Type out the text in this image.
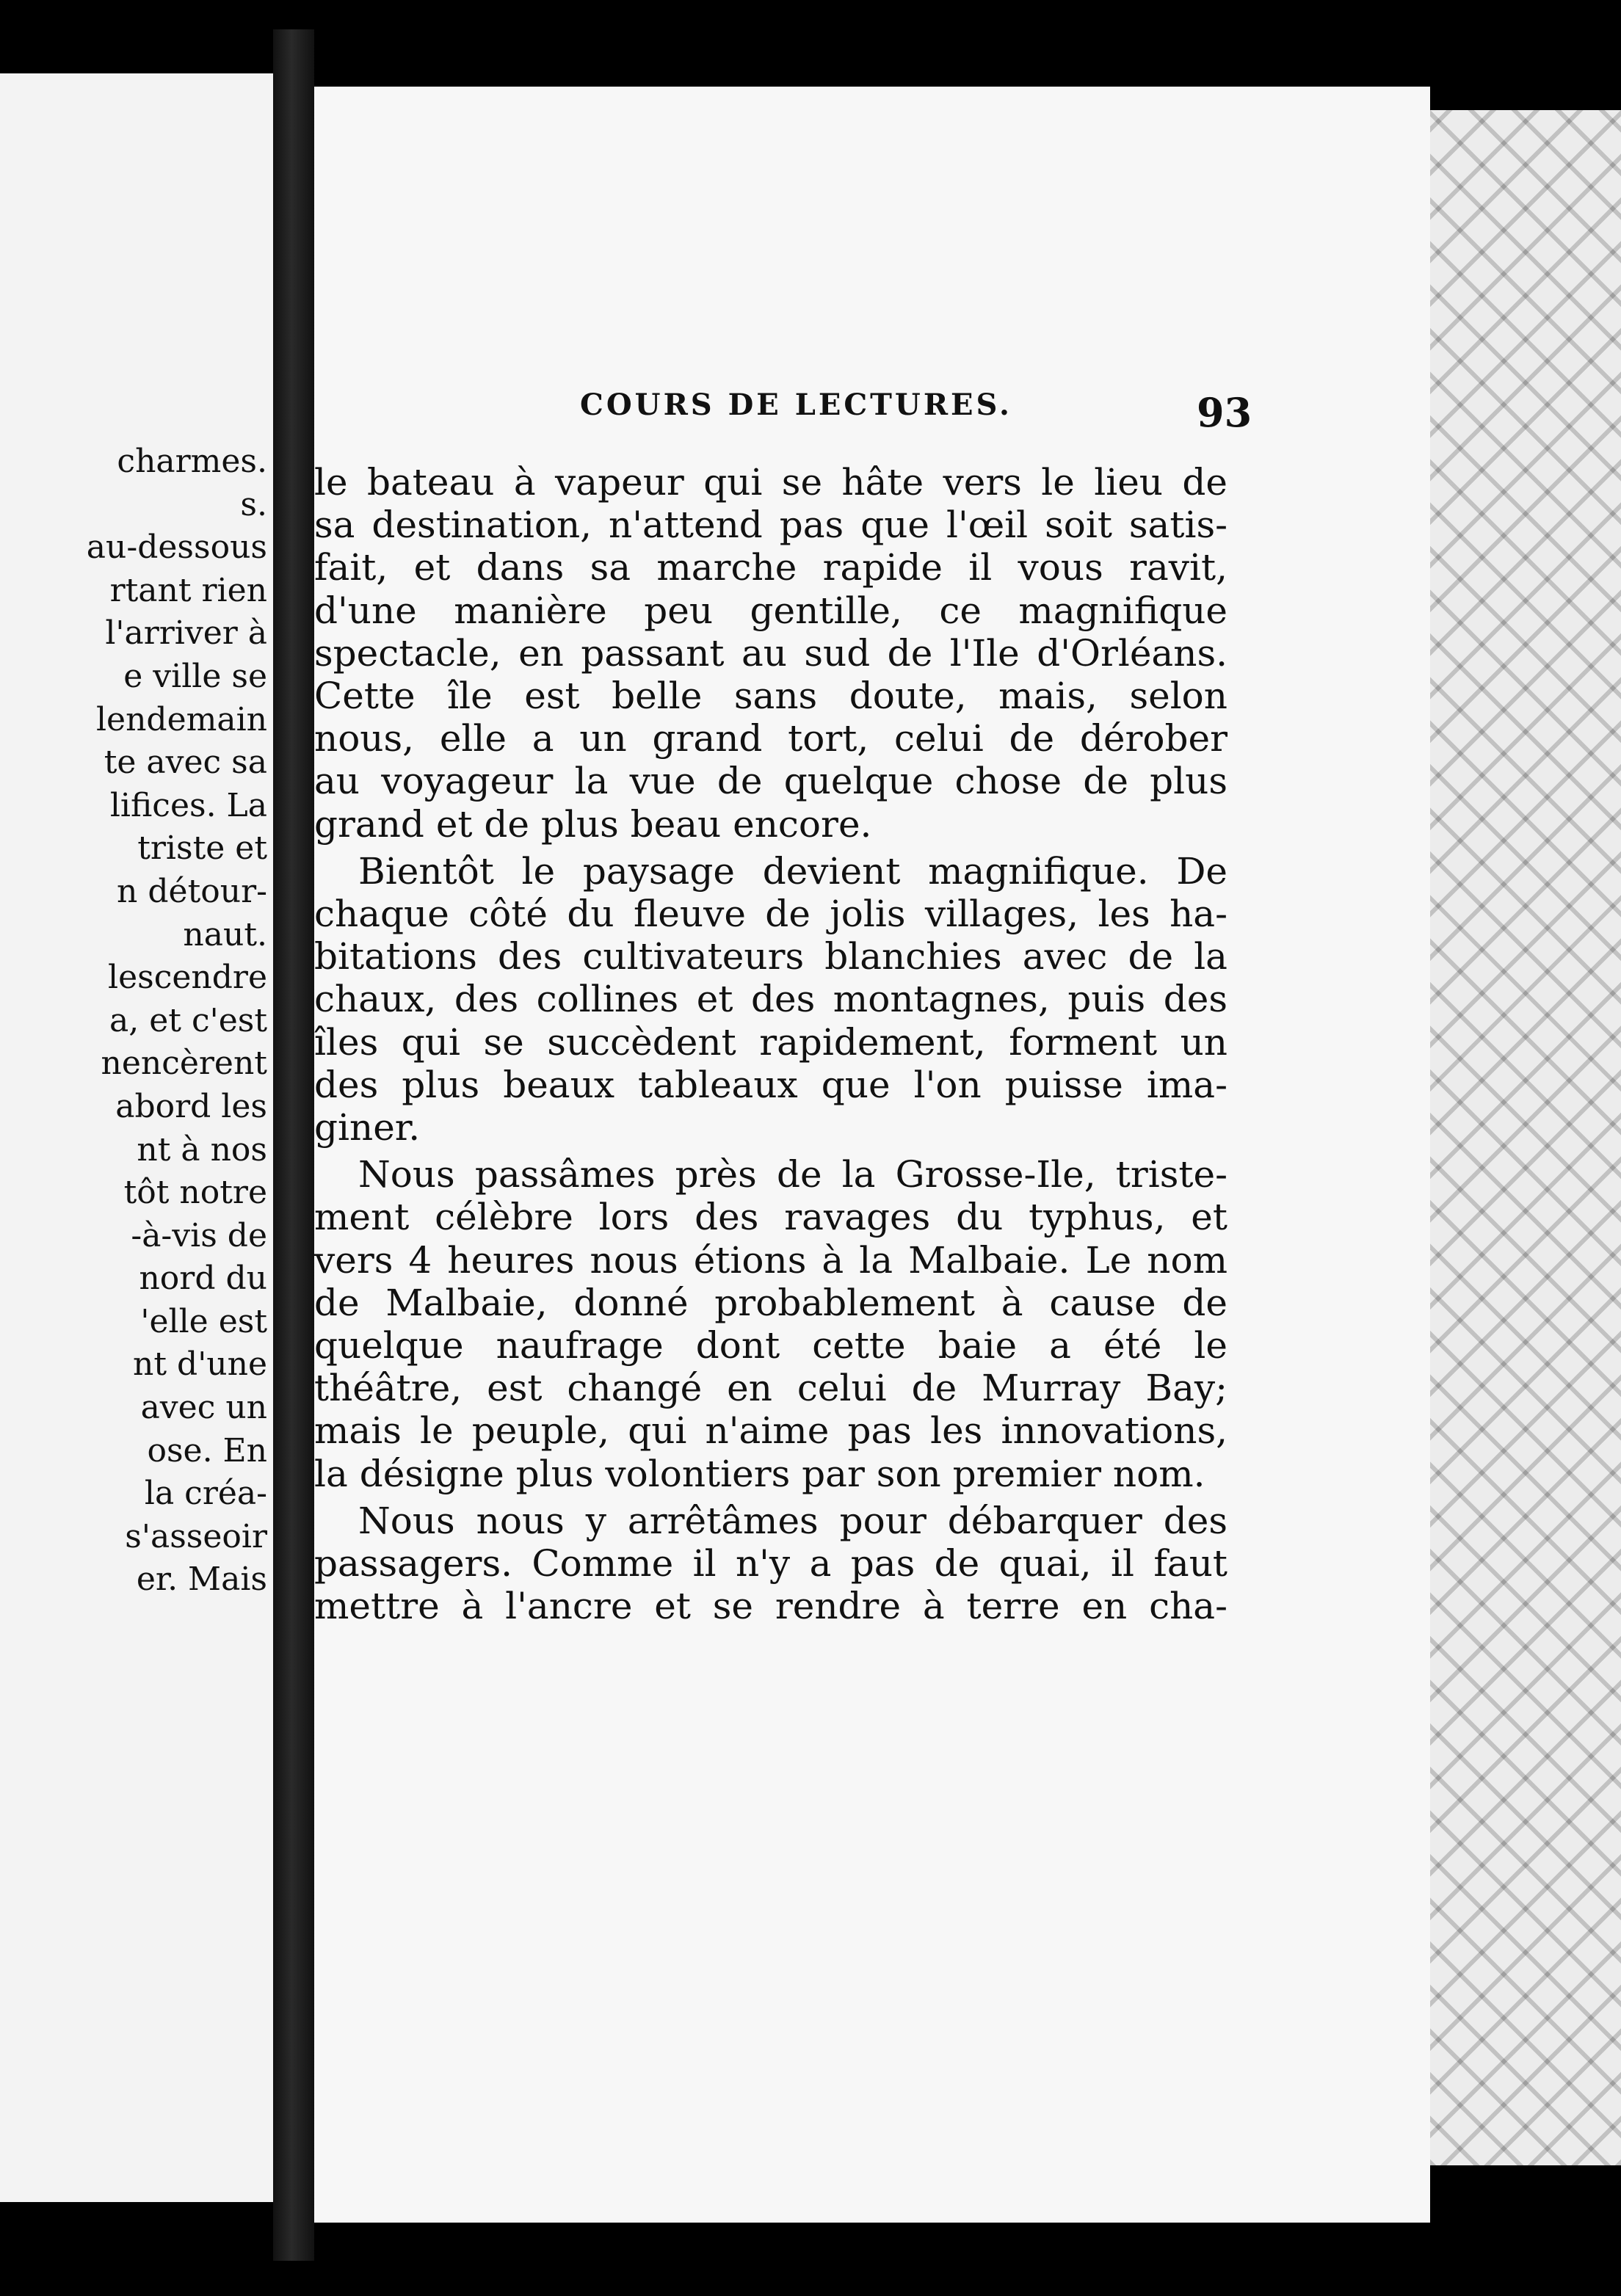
charmes.
s.
au-dessous
rtant rien
l'arriver à
e ville se
lendemain
te avec sa
lifices. La
triste et
n détour-
naut.
lescendre
a, et c'est
nencèrent
abord les
nt à nos
tôt notre
-à-vis de
nord du
'elle est
nt d'une
avec un
ose. En
la créa-
s'asseoir
er. Mais
COURS DE LECTURES.	93
le bateau à vapeur qui se hâte vers le lieu de
sa destination, n'attend pas que l'œil soit satis-
fait, et dans sa marche rapide il vous ravit,
d'une manière peu gentille, ce magnifique
spectacle, en passant au sud de l'Ile d'Orléans.
Cette île est belle sans doute, mais, selon
nous, elle a un grand tort, celui de dérober
au voyageur la vue de quelque chose de plus
grand et de plus beau encore.
Bientôt le paysage devient magnifique. De
chaque côté du fleuve de jolis villages, les ha-
bitations des cultivateurs blanchies avec de la
chaux, des collines et des montagnes, puis des
îles qui se succèdent rapidement, forment un
des plus beaux tableaux que l'on puisse ima-
giner.
Nous passâmes près de la Grosse-Ile, triste-
ment célèbre lors des ravages du typhus, et
vers 4 heures nous étions à la Malbaie. Le nom
de Malbaie, donné probablement à cause de
quelque naufrage dont cette baie a été le
théâtre, est changé en celui de Murray Bay;
mais le peuple, qui n'aime pas les innovations,
la désigne plus volontiers par son premier nom.
Nous nous y arrêtâmes pour débarquer des
passagers. Comme il n'y a pas de quai, il faut
mettre à l'ancre et se rendre à terre en cha-
